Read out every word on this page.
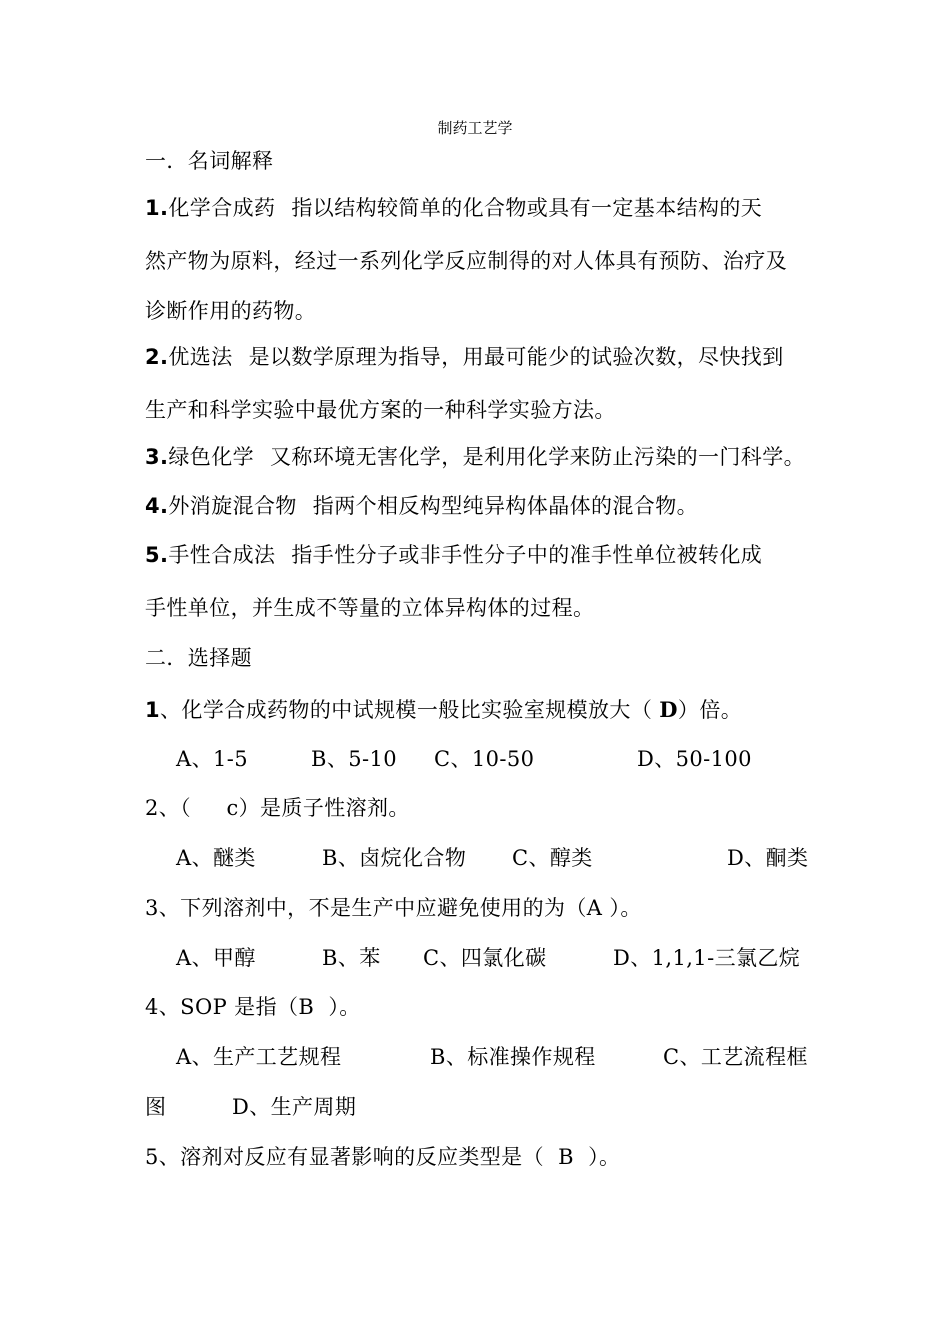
制药工艺学
一．名词解释
1.化学合成药 指以结构较简单的化合物或具有一定基本结构的天
然产物为原料，经过一系列化学反应制得的对人体具有预防、治疗及
诊断作用的药物。
2.优选法 是以数学原理为指导，用最可能少的试验次数，尽快找到
生产和科学实验中最优方案的一种科学实验方法。
3.绿色化学 又称环境无害化学，是利用化学来防止污染的一门科学。
4.外消旋混合物 指两个相反构型纯异构体晶体的混合物。
5.手性合成法 指手性分子或非手性分子中的准手性单位被转化成
手性单位，并生成不等量的立体异构体的过程。
二．选择题
1、化学合成药物的中试规模一般比实验室规模放大（ D）倍。
A、1-5	B、5-10 C、10-50	D、50-100
2、（     c）是质子性溶剂。
A、醚类	B、卤烷化合物 C、醇类	D、酮类
3、下列溶剂中，不是生产中应避免使用的为（A ）。
A、甲醇	B、苯 C、四氯化碳	D、1,1,1-三氯乙烷
4、SOP 是指（B  ）。
A、生产工艺规程	B、标准操作规程	C、工艺流程框
图	D、生产周期
5、溶剂对反应有显著影响的反应类型是（  B  ）。
